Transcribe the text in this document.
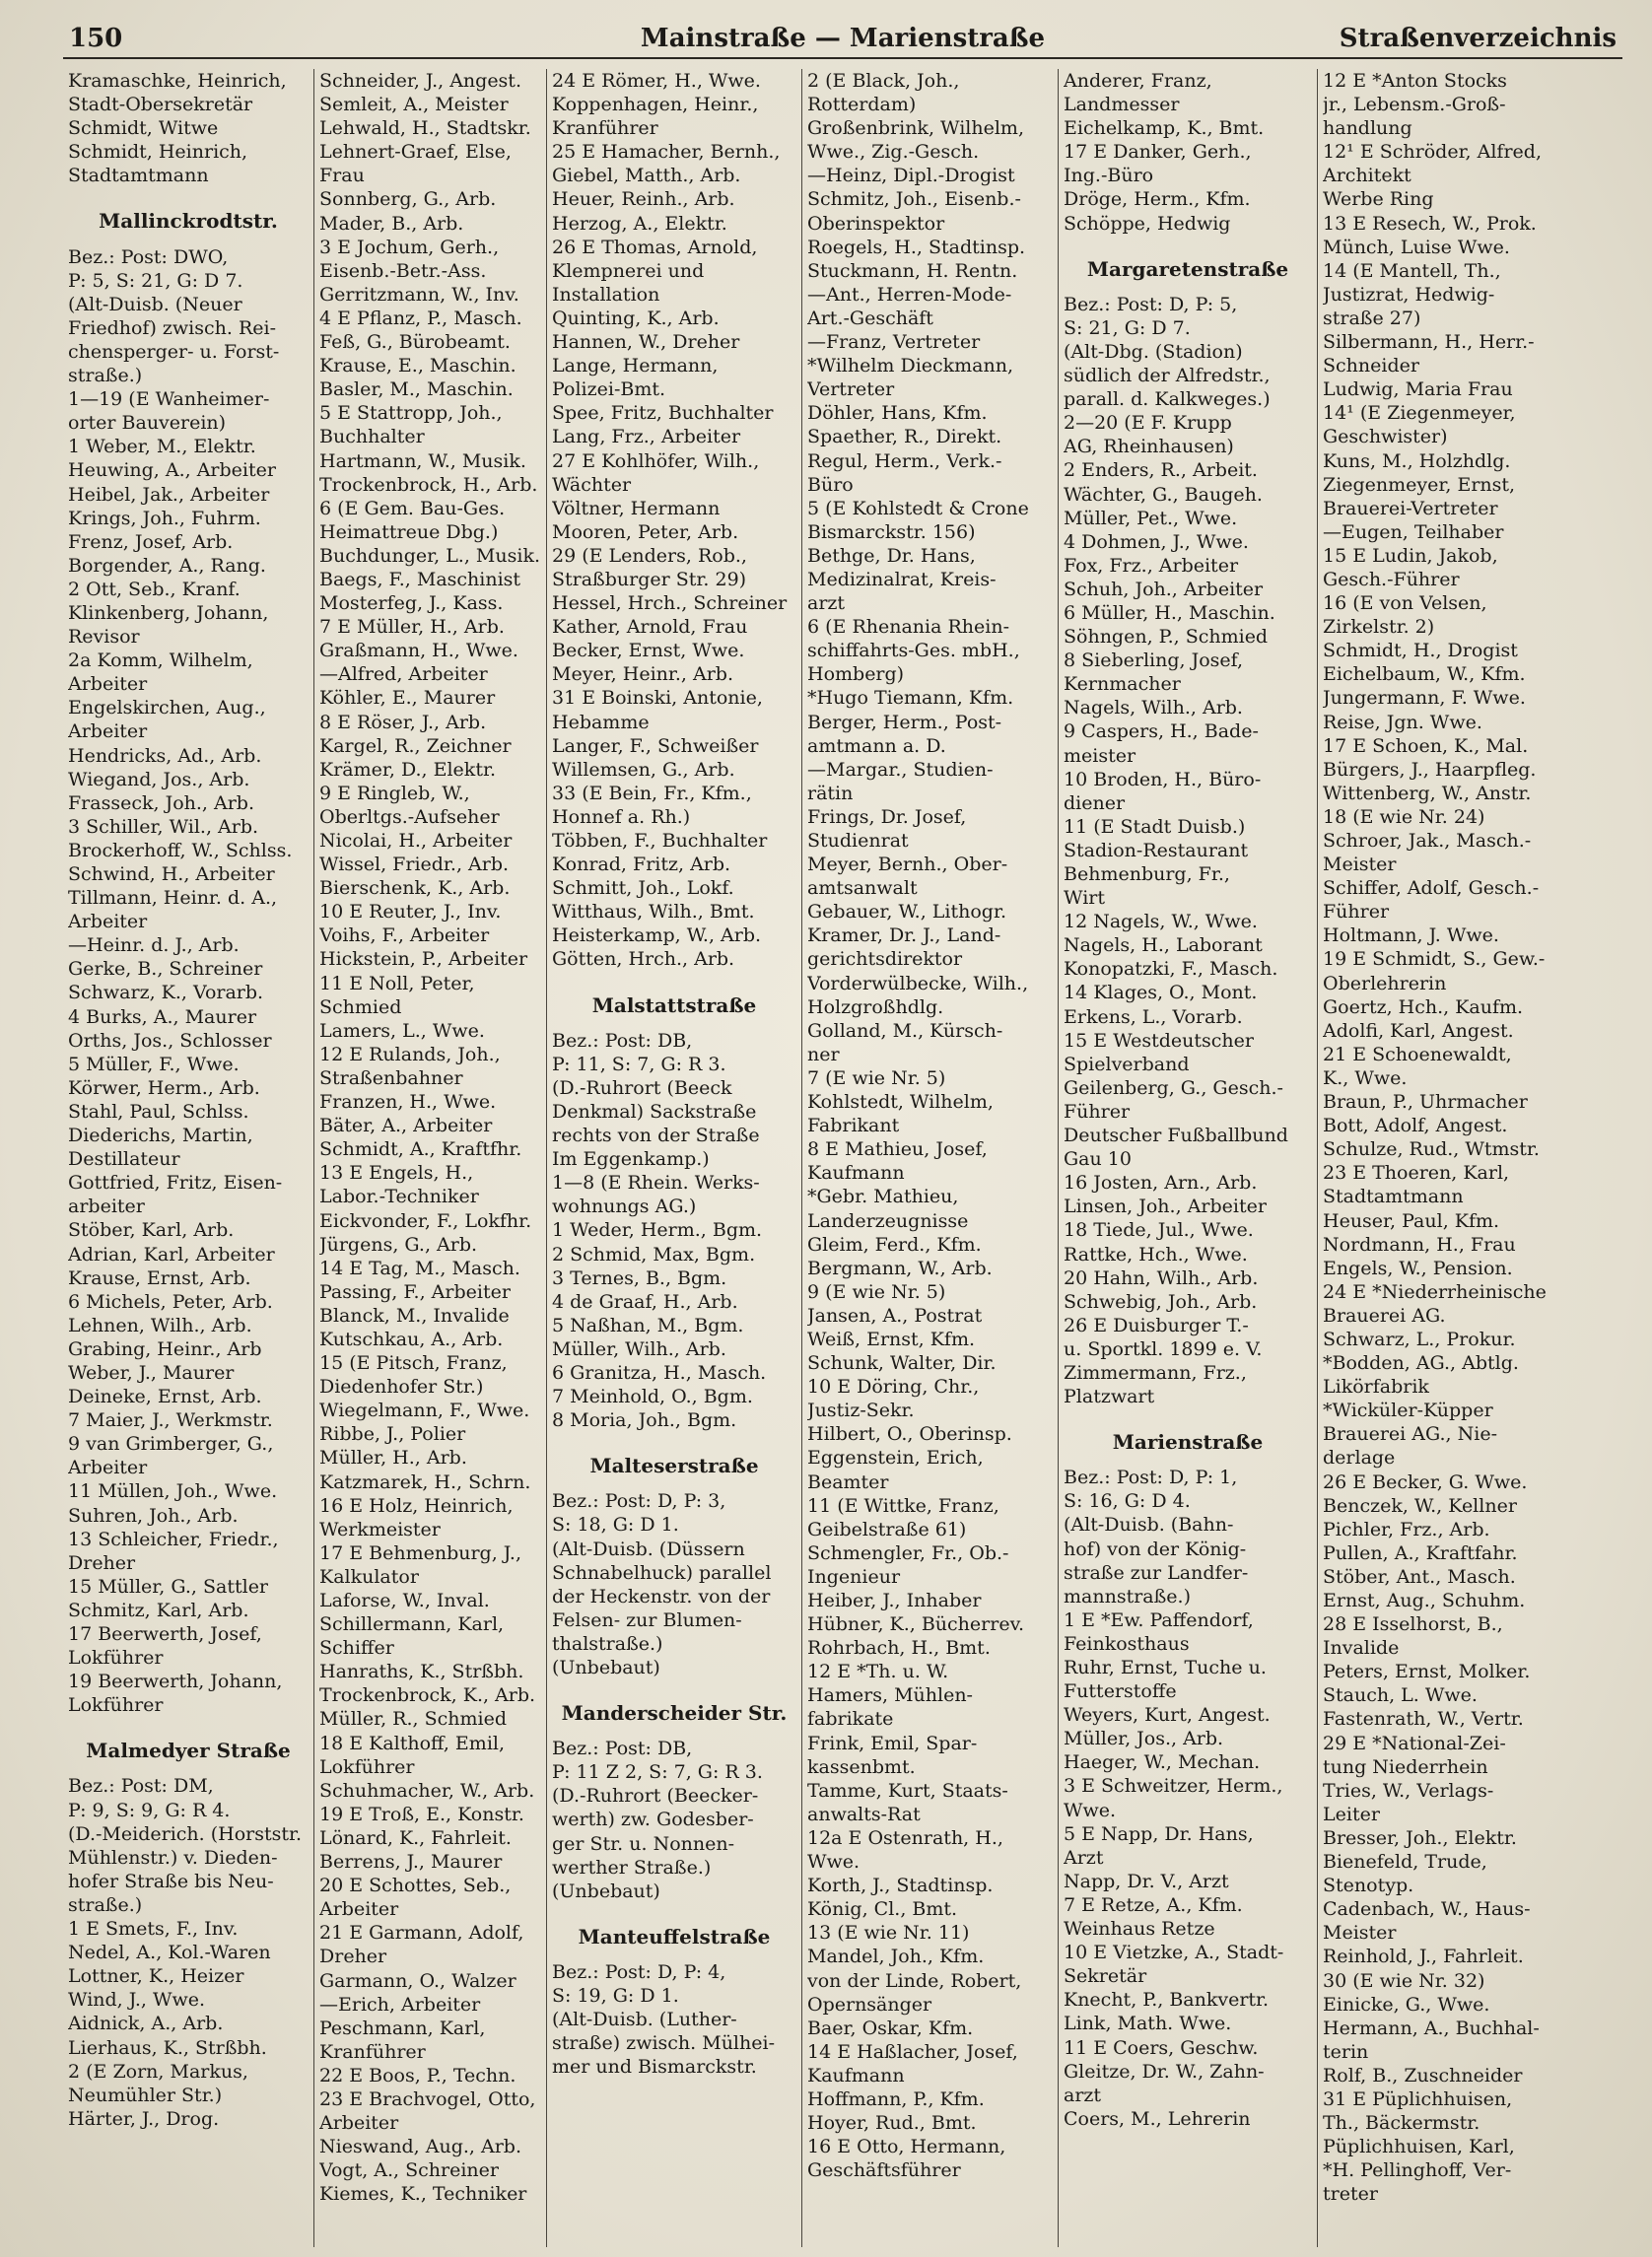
150	Mainstraße — Marienstraße	Straßenverzeichnis
Kramaschke, Heinrich,
Stadt-Obersekretär
Schmidt, Witwe
Schmidt, Heinrich,
Stadtamtmann
Mallinckrodtstr.
Bez.: Post: DWO,
P: 5, S: 21, G: D 7.
(Alt-Duisb. (Neuer
Friedhof) zwisch. Rei-
chensperger- u. Forst-
straße.)
1—19 (E Wanheimer-
orter Bauverein)
1 Weber, M., Elektr.
Heuwing, A., Arbeiter
Heibel, Jak., Arbeiter
Krings, Joh., Fuhrm.
Frenz, Josef, Arb.
Borgender, A., Rang.
2 Ott, Seb., Kranf.
Klinkenberg, Johann,
Revisor
2a Komm, Wilhelm,
Arbeiter
Engelskirchen, Aug.,
Arbeiter
Hendricks, Ad., Arb.
Wiegand, Jos., Arb.
Frasseck, Joh., Arb.
3 Schiller, Wil., Arb.
Brockerhoff, W., Schlss.
Schwind, H., Arbeiter
Tillmann, Heinr. d. A.,
Arbeiter
—Heinr. d. J., Arb.
Gerke, B., Schreiner
Schwarz, K., Vorarb.
4 Burks, A., Maurer
Orths, Jos., Schlosser
5 Müller, F., Wwe.
Körwer, Herm., Arb.
Stahl, Paul, Schlss.
Diederichs, Martin,
Destillateur
Gottfried, Fritz, Eisen-
arbeiter
Stöber, Karl, Arb.
Adrian, Karl, Arbeiter
Krause, Ernst, Arb.
6 Michels, Peter, Arb.
Lehnen, Wilh., Arb.
Grabing, Heinr., Arb
Weber, J., Maurer
Deineke, Ernst, Arb.
7 Maier, J., Werkmstr.
9 van Grimberger, G.,
Arbeiter
11 Müllen, Joh., Wwe.
Suhren, Joh., Arb.
13 Schleicher, Friedr.,
Dreher
15 Müller, G., Sattler
Schmitz, Karl, Arb.
17 Beerwerth, Josef,
Lokführer
19 Beerwerth, Johann,
Lokführer
Malmedyer Straße
Bez.: Post: DM,
P: 9, S: 9, G: R 4.
(D.-Meiderich. (Horststr.
Mühlenstr.) v. Dieden-
hofer Straße bis Neu-
straße.)
1 E Smets, F., Inv.
Nedel, A., Kol.-Waren
Lottner, K., Heizer
Wind, J., Wwe.
Aidnick, A., Arb.
Lierhaus, K., Strßbh.
2 (E Zorn, Markus,
Neumühler Str.)
Härter, J., Drog.
Schneider, J., Angest.
Semleit, A., Meister
Lehwald, H., Stadtskr.
Lehnert-Graef, Else,
Frau
Sonnberg, G., Arb.
Mader, B., Arb.
3 E Jochum, Gerh.,
Eisenb.-Betr.-Ass.
Gerritzmann, W., Inv.
4 E Pflanz, P., Masch.
Feß, G., Bürobeamt.
Krause, E., Maschin.
Basler, M., Maschin.
5 E Stattropp, Joh.,
Buchhalter
Hartmann, W., Musik.
Trockenbrock, H., Arb.
6 (E Gem. Bau-Ges.
Heimattreue Dbg.)
Buchdunger, L., Musik.
Baegs, F., Maschinist
Mosterfeg, J., Kass.
7 E Müller, H., Arb.
Graßmann, H., Wwe.
—Alfred, Arbeiter
Köhler, E., Maurer
8 E Röser, J., Arb.
Kargel, R., Zeichner
Krämer, D., Elektr.
9 E Ringleb, W.,
Oberltgs.-Aufseher
Nicolai, H., Arbeiter
Wissel, Friedr., Arb.
Bierschenk, K., Arb.
10 E Reuter, J., Inv.
Voihs, F., Arbeiter
Hickstein, P., Arbeiter
11 E Noll, Peter,
Schmied
Lamers, L., Wwe.
12 E Rulands, Joh.,
Straßenbahner
Franzen, H., Wwe.
Bäter, A., Arbeiter
Schmidt, A., Kraftfhr.
13 E Engels, H.,
Labor.-Techniker
Eickvonder, F., Lokfhr.
Jürgens, G., Arb.
14 E Tag, M., Masch.
Passing, F., Arbeiter
Blanck, M., Invalide
Kutschkau, A., Arb.
15 (E Pitsch, Franz,
Diedenhofer Str.)
Wiegelmann, F., Wwe.
Ribbe, J., Polier
Müller, H., Arb.
Katzmarek, H., Schrn.
16 E Holz, Heinrich,
Werkmeister
17 E Behmenburg, J.,
Kalkulator
Laforse, W., Inval.
Schillermann, Karl,
Schiffer
Hanraths, K., Strßbh.
Trockenbrock, K., Arb.
Müller, R., Schmied
18 E Kalthoff, Emil,
Lokführer
Schuhmacher, W., Arb.
19 E Troß, E., Konstr.
Lönard, K., Fahrleit.
Berrens, J., Maurer
20 E Schottes, Seb.,
Arbeiter
21 E Garmann, Adolf,
Dreher
Garmann, O., Walzer
—Erich, Arbeiter
Peschmann, Karl,
Kranführer
22 E Boos, P., Techn.
23 E Brachvogel, Otto,
Arbeiter
Nieswand, Aug., Arb.
Vogt, A., Schreiner
Kiemes, K., Techniker
24 E Römer, H., Wwe.
Koppenhagen, Heinr.,
Kranführer
25 E Hamacher, Bernh.,
Giebel, Matth., Arb.
Heuer, Reinh., Arb.
Herzog, A., Elektr.
26 E Thomas, Arnold,
Klempnerei und
Installation
Quinting, K., Arb.
Hannen, W., Dreher
Lange, Hermann,
Polizei-Bmt.
Spee, Fritz, Buchhalter
Lang, Frz., Arbeiter
27 E Kohlhöfer, Wilh.,
Wächter
Völtner, Hermann
Mooren, Peter, Arb.
29 (E Lenders, Rob.,
Straßburger Str. 29)
Hessel, Hrch., Schreiner
Kather, Arnold, Frau
Becker, Ernst, Wwe.
Meyer, Heinr., Arb.
31 E Boinski, Antonie,
Hebamme
Langer, F., Schweißer
Willemsen, G., Arb.
33 (E Bein, Fr., Kfm.,
Honnef a. Rh.)
Többen, F., Buchhalter
Konrad, Fritz, Arb.
Schmitt, Joh., Lokf.
Witthaus, Wilh., Bmt.
Heisterkamp, W., Arb.
Götten, Hrch., Arb.
Malstattstraße
Bez.: Post: DB,
P: 11, S: 7, G: R 3.
(D.-Ruhrort (Beeck
Denkmal) Sackstraße
rechts von der Straße
Im Eggenkamp.)
1—8 (E Rhein. Werks-
wohnungs AG.)
1 Weder, Herm., Bgm.
2 Schmid, Max, Bgm.
3 Ternes, B., Bgm.
4 de Graaf, H., Arb.
5 Naßhan, M., Bgm.
Müller, Wilh., Arb.
6 Granitza, H., Masch.
7 Meinhold, O., Bgm.
8 Moria, Joh., Bgm.
Malteserstraße
Bez.: Post: D, P: 3,
S: 18, G: D 1.
(Alt-Duisb. (Düssern
Schnabelhuck) parallel
der Heckenstr. von der
Felsen- zur Blumen-
thalstraße.)
(Unbebaut)
Manderscheider Str.
Bez.: Post: DB,
P: 11 Z 2, S: 7, G: R 3.
(D.-Ruhrort (Beecker-
werth) zw. Godesber-
ger Str. u. Nonnen-
werther Straße.)
(Unbebaut)
Manteuffelstraße
Bez.: Post: D, P: 4,
S: 19, G: D 1.
(Alt-Duisb. (Luther-
straße) zwisch. Mülhei-
mer und Bismarckstr.
2 (E Black, Joh.,
Rotterdam)
Großenbrink, Wilhelm,
Wwe., Zig.-Gesch.
—Heinz, Dipl.-Drogist
Schmitz, Joh., Eisenb.-
Oberinspektor
Roegels, H., Stadtinsp.
Stuckmann, H. Rentn.
—Ant., Herren-Mode-
Art.-Geschäft
—Franz, Vertreter
*Wilhelm Dieckmann,
Vertreter
Döhler, Hans, Kfm.
Spaether, R., Direkt.
Regul, Herm., Verk.-
Büro
5 (E Kohlstedt & Crone
Bismarckstr. 156)
Bethge, Dr. Hans,
Medizinalrat, Kreis-
arzt
6 (E Rhenania Rhein-
schiffahrts-Ges. mbH.,
Homberg)
*Hugo Tiemann, Kfm.
Berger, Herm., Post-
amtmann a. D.
—Margar., Studien-
rätin
Frings, Dr. Josef,
Studienrat
Meyer, Bernh., Ober-
amtsanwalt
Gebauer, W., Lithogr.
Kramer, Dr. J., Land-
gerichtsdirektor
Vorderwülbecke, Wilh.,
Holzgroßhdlg.
Golland, M., Kürsch-
ner
7 (E wie Nr. 5)
Kohlstedt, Wilhelm,
Fabrikant
8 E Mathieu, Josef,
Kaufmann
*Gebr. Mathieu,
Landerzeugnisse
Gleim, Ferd., Kfm.
Bergmann, W., Arb.
9 (E wie Nr. 5)
Jansen, A., Postrat
Weiß, Ernst, Kfm.
Schunk, Walter, Dir.
10 E Döring, Chr.,
Justiz-Sekr.
Hilbert, O., Oberinsp.
Eggenstein, Erich,
Beamter
11 (E Wittke, Franz,
Geibelstraße 61)
Schmengler, Fr., Ob.-
Ingenieur
Heiber, J., Inhaber
Hübner, K., Bücherrev.
Rohrbach, H., Bmt.
12 E *Th. u. W.
Hamers, Mühlen-
fabrikate
Frink, Emil, Spar-
kassenbmt.
Tamme, Kurt, Staats-
anwalts-Rat
12a E Ostenrath, H.,
Wwe.
Korth, J., Stadtinsp.
König, Cl., Bmt.
13 (E wie Nr. 11)
Mandel, Joh., Kfm.
von der Linde, Robert,
Opernsänger
Baer, Oskar, Kfm.
14 E Haßlacher, Josef,
Kaufmann
Hoffmann, P., Kfm.
Hoyer, Rud., Bmt.
16 E Otto, Hermann,
Geschäftsführer
Anderer, Franz,
Landmesser
Eichelkamp, K., Bmt.
17 E Danker, Gerh.,
Ing.-Büro
Dröge, Herm., Kfm.
Schöppe, Hedwig
Margaretenstraße
Bez.: Post: D, P: 5,
S: 21, G: D 7.
(Alt-Dbg. (Stadion)
südlich der Alfredstr.,
parall. d. Kalkweges.)
2—20 (E F. Krupp
AG, Rheinhausen)
2 Enders, R., Arbeit.
Wächter, G., Baugeh.
Müller, Pet., Wwe.
4 Dohmen, J., Wwe.
Fox, Frz., Arbeiter
Schuh, Joh., Arbeiter
6 Müller, H., Maschin.
Söhngen, P., Schmied
8 Sieberling, Josef,
Kernmacher
Nagels, Wilh., Arb.
9 Caspers, H., Bade-
meister
10 Broden, H., Büro-
diener
11 (E Stadt Duisb.)
Stadion-Restaurant
Behmenburg, Fr.,
Wirt
12 Nagels, W., Wwe.
Nagels, H., Laborant
Konopatzki, F., Masch.
14 Klages, O., Mont.
Erkens, L., Vorarb.
15 E Westdeutscher
Spielverband
Geilenberg, G., Gesch.-
Führer
Deutscher Fußballbund
Gau 10
16 Josten, Arn., Arb.
Linsen, Joh., Arbeiter
18 Tiede, Jul., Wwe.
Rattke, Hch., Wwe.
20 Hahn, Wilh., Arb.
Schwebig, Joh., Arb.
26 E Duisburger T.-
u. Sportkl. 1899 e. V.
Zimmermann, Frz.,
Platzwart
Marienstraße
Bez.: Post: D, P: 1,
S: 16, G: D 4.
(Alt-Duisb. (Bahn-
hof) von der König-
straße zur Landfer-
mannstraße.)
1 E *Ew. Paffendorf,
Feinkosthaus
Ruhr, Ernst, Tuche u.
Futterstoffe
Weyers, Kurt, Angest.
Müller, Jos., Arb.
Haeger, W., Mechan.
3 E Schweitzer, Herm.,
Wwe.
5 E Napp, Dr. Hans,
Arzt
Napp, Dr. V., Arzt
7 E Retze, A., Kfm.
Weinhaus Retze
10 E Vietzke, A., Stadt-
Sekretär
Knecht, P., Bankvertr.
Link, Math. Wwe.
11 E Coers, Geschw.
Gleitze, Dr. W., Zahn-
arzt
Coers, M., Lehrerin
12 E *Anton Stocks
jr., Lebensm.-Groß-
handlung
12¹ E Schröder, Alfred,
Architekt
Werbe Ring
13 E Resech, W., Prok.
Münch, Luise Wwe.
14 (E Mantell, Th.,
Justizrat, Hedwig-
straße 27)
Silbermann, H., Herr.-
Schneider
Ludwig, Maria Frau
14¹ (E Ziegenmeyer,
Geschwister)
Kuns, M., Holzhdlg.
Ziegenmeyer, Ernst,
Brauerei-Vertreter
—Eugen, Teilhaber
15 E Ludin, Jakob,
Gesch.-Führer
16 (E von Velsen,
Zirkelstr. 2)
Schmidt, H., Drogist
Eichelbaum, W., Kfm.
Jungermann, F. Wwe.
Reise, Jgn. Wwe.
17 E Schoen, K., Mal.
Bürgers, J., Haarpfleg.
Wittenberg, W., Anstr.
18 (E wie Nr. 24)
Schroer, Jak., Masch.-
Meister
Schiffer, Adolf, Gesch.-
Führer
Holtmann, J. Wwe.
19 E Schmidt, S., Gew.-
Oberlehrerin
Goertz, Hch., Kaufm.
Adolfi, Karl, Angest.
21 E Schoenewaldt,
K., Wwe.
Braun, P., Uhrmacher
Bott, Adolf, Angest.
Schulze, Rud., Wtmstr.
23 E Thoeren, Karl,
Stadtamtmann
Heuser, Paul, Kfm.
Nordmann, H., Frau
Engels, W., Pension.
24 E *Niederrheinische
Brauerei AG.
Schwarz, L., Prokur.
*Bodden, AG., Abtlg.
Likörfabrik
*Wicküler-Küpper
Brauerei AG., Nie-
derlage
26 E Becker, G. Wwe.
Benczek, W., Kellner
Pichler, Frz., Arb.
Pullen, A., Kraftfahr.
Stöber, Ant., Masch.
Ernst, Aug., Schuhm.
28 E Isselhorst, B.,
Invalide
Peters, Ernst, Molker.
Stauch, L. Wwe.
Fastenrath, W., Vertr.
29 E *National-Zei-
tung Niederrhein
Tries, W., Verlags-
Leiter
Bresser, Joh., Elektr.
Bienefeld, Trude,
Stenotyp.
Cadenbach, W., Haus-
Meister
Reinhold, J., Fahrleit.
30 (E wie Nr. 32)
Einicke, G., Wwe.
Hermann, A., Buchhal-
terin
Rolf, B., Zuschneider
31 E Püplichhuisen,
Th., Bäckermstr.
Püplichhuisen, Karl,
*H. Pellinghoff, Ver-
treter
